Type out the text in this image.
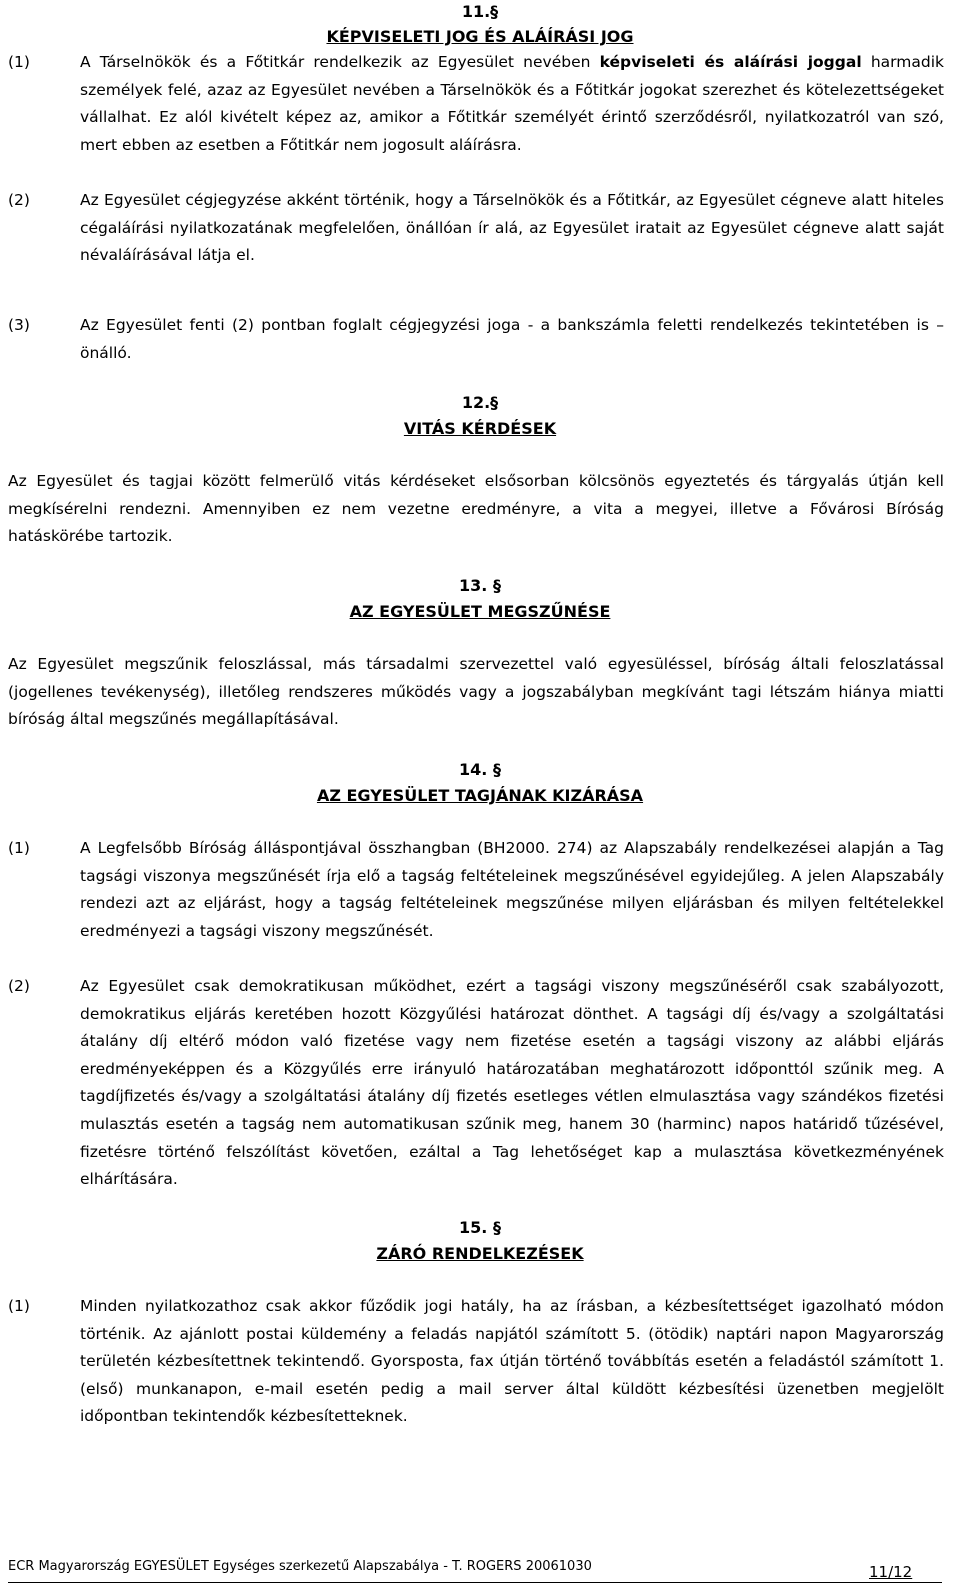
11.§
KÉPVISELETI JOG ÉS ALÁÍRÁSI JOG
(1)	A Társelnökök és a Főtitkár rendelkezik az Egyesület nevében képviseleti és aláírási joggal harmadik személyek felé, azaz az Egyesület nevében a Társelnökök és a Főtitkár jogokat szerezhet és kötelezettségeket vállalhat. Ez alól kivételt képez az, amikor a Főtitkár személyét érintő szerződésről, nyilatkozatról van szó, mert ebben az esetben a Főtitkár nem jogosult aláírásra.

(2)	Az Egyesület cégjegyzése akként történik, hogy a Társelnökök és a Főtitkár, az Egyesület cégneve alatt hiteles cégaláírási nyilatkozatának megfelelően, önállóan ír alá, az Egyesület iratait az Egyesület cégneve alatt saját névaláírásával látja el.

(3)	Az Egyesület fenti (2) pontban foglalt cégjegyzési joga - a bankszámla feletti rendelkezés tekintetében is – önálló.

12.§
VITÁS KÉRDÉSEK

Az Egyesület és tagjai között felmerülő vitás kérdéseket elsősorban kölcsönös egyeztetés és tárgyalás útján kell megkísérelni rendezni. Amennyiben ez nem vezetne eredményre, a vita a megyei, illetve a Fővárosi Bíróság hatáskörébe tartozik.

13. §
AZ EGYESÜLET MEGSZŰNÉSE

Az Egyesület megszűnik feloszlással, más társadalmi szervezettel való egyesüléssel, bíróság általi feloszlatással (jogellenes tevékenység), illetőleg rendszeres működés vagy a jogszabályban megkívánt tagi létszám hiánya miatti bíróság által megszűnés megállapításával.

14. §
AZ EGYESÜLET TAGJÁNAK KIZÁRÁSA
(1)	A Legfelsőbb Bíróság álláspontjával összhangban (BH2000. 274) az Alapszabály rendelkezései alapján a Tag tagsági viszonya megszűnését írja elő a tagság feltételeinek megszűnésével egyidejűleg. A jelen Alapszabály rendezi azt az eljárást, hogy a tagság feltételeinek megszűnése milyen eljárásban és milyen feltételekkel eredményezi a tagsági viszony megszűnését.

(2)	Az Egyesület csak demokratikusan működhet, ezért a tagsági viszony megszűnéséről csak szabályozott, demokratikus eljárás keretében hozott Közgyűlési határozat dönthet. A tagsági díj és/vagy a szolgáltatási átalány díj eltérő módon való fizetése vagy nem fizetése esetén a tagsági viszony az alábbi eljárás eredményeképpen és a Közgyűlés erre irányuló határozatában meghatározott időponttól szűnik meg. A tagdíjfizetés és/vagy a szolgáltatási átalány díj fizetés esetleges vétlen elmulasztása vagy szándékos fizetési mulasztás esetén a tagság nem automatikusan szűnik meg, hanem 30 (harminc) napos határidő tűzésével, fizetésre történő felszólítást követően, ezáltal a Tag lehetőséget kap a mulasztása következményének elhárítására.

15. §
ZÁRÓ RENDELKEZÉSEK
(1)	Minden nyilatkozathoz csak akkor fűződik jogi hatály, ha az írásban, a kézbesítettséget igazolható módon történik. Az ajánlott postai küldemény a feladás napjától számított 5. (ötödik) naptári napon Magyarország területén kézbesítettnek tekintendő. Gyorsposta, fax útján történő továbbítás esetén a feladástól számított 1. (első) munkanapon, e-mail esetén pedig a mail server által küldött kézbesítési üzenetben megjelölt időpontban tekintendők kézbesítetteknek.

ECR Magyarország EGYESÜLET Egységes szerkezetű Alapszabálya - T. ROGERS 20061030	11/12
